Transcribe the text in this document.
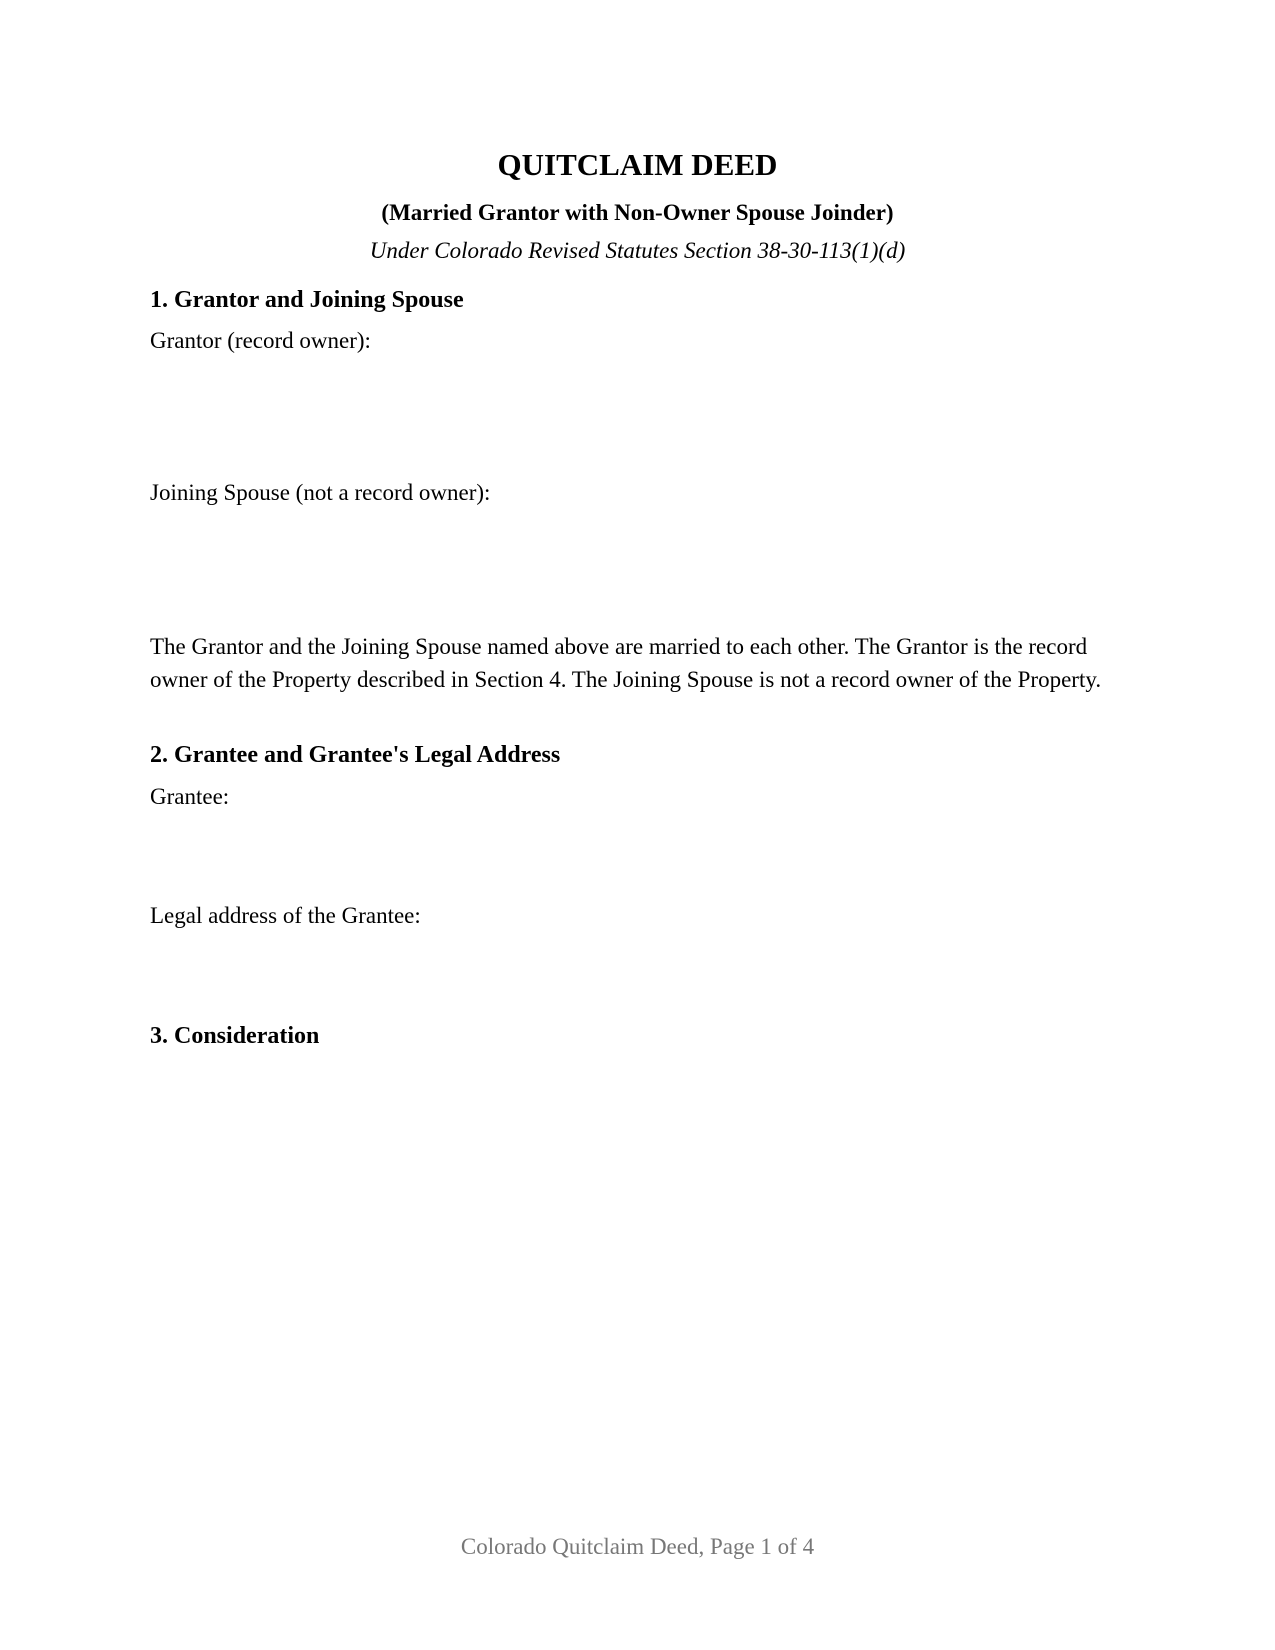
QUITCLAIM DEED
(Married Grantor with Non-Owner Spouse Joinder)
Under Colorado Revised Statutes Section 38-30-113(1)(d)
1. Grantor and Joining Spouse
Grantor (record owner):
Joining Spouse (not a record owner):
The Grantor and the Joining Spouse named above are married to each other. The Grantor is the record owner of the Property described in Section 4. The Joining Spouse is not a record owner of the Property.
2. Grantee and Grantee's Legal Address
Grantee:
Legal address of the Grantee:
3. Consideration
Colorado Quitclaim Deed, Page 1 of 4
